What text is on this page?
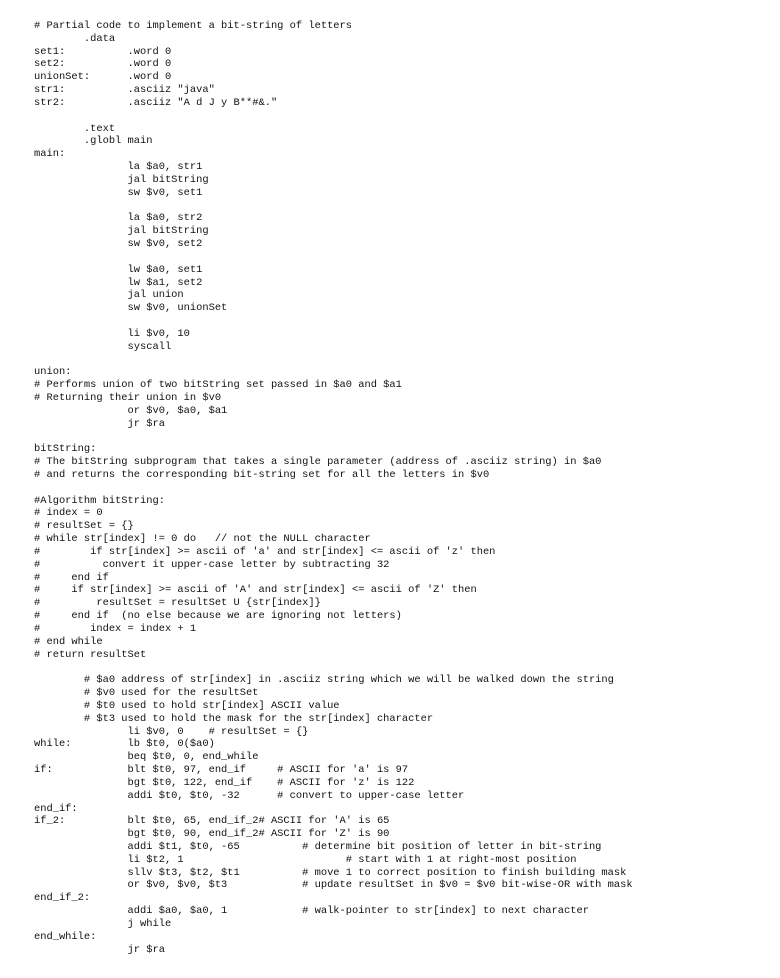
# Partial code to implement a bit-string of letters
.data
set1:          .word 0
set2:          .word 0
unionSet:      .word 0
str1:          .asciiz "java"
str2:          .asciiz "A d J y B**#&."
.text
.globl main
main:
la $a0, str1
jal bitString
sw $v0, set1
la $a0, str2
jal bitString
sw $v0, set2
lw $a0, set1
lw $a1, set2
jal union
sw $v0, unionSet
li $v0, 10
syscall
union:
# Performs union of two bitString set passed in $a0 and $a1
# Returning their union in $v0
or $v0, $a0, $a1
jr $ra
bitString:
# The bitString subprogram that takes a single parameter (address of .asciiz string) in $a0
# and returns the corresponding bit-string set for all the letters in $v0
#Algorithm bitString:
# index = 0
# resultSet = {}
# while str[index] != 0 do   // not the NULL character
#        if str[index] >= ascii of 'a' and str[index] <= ascii of 'z' then
#          convert it upper-case letter by subtracting 32
#     end if
#     if str[index] >= ascii of 'A' and str[index] <= ascii of 'Z' then
#         resultSet = resultSet U {str[index]}
#     end if  (no else because we are ignoring not letters)
#        index = index + 1
# end while
# return resultSet
# $a0 address of str[index] in .asciiz string which we will be walked down the string
# $v0 used for the resultSet
# $t0 used to hold str[index] ASCII value
# $t3 used to hold the mask for the str[index] character
li $v0, 0    # resultSet = {}
while:         lb $t0, 0($a0)
beq $t0, 0, end_while
if:            blt $t0, 97, end_if     # ASCII for 'a' is 97
bgt $t0, 122, end_if    # ASCII for 'z' is 122
addi $t0, $t0, -32      # convert to upper-case letter
end_if:
if_2:          blt $t0, 65, end_if_2# ASCII for 'A' is 65
bgt $t0, 90, end_if_2# ASCII for 'Z' is 90
addi $t1, $t0, -65          # determine bit position of letter in bit-string
li $t2, 1                          # start with 1 at right-most position
sllv $t3, $t2, $t1          # move 1 to correct position to finish building mask
or $v0, $v0, $t3            # update resultSet in $v0 = $v0 bit-wise-OR with mask
end_if_2:
addi $a0, $a0, 1            # walk-pointer to str[index] to next character
j while
end_while:
jr $ra
